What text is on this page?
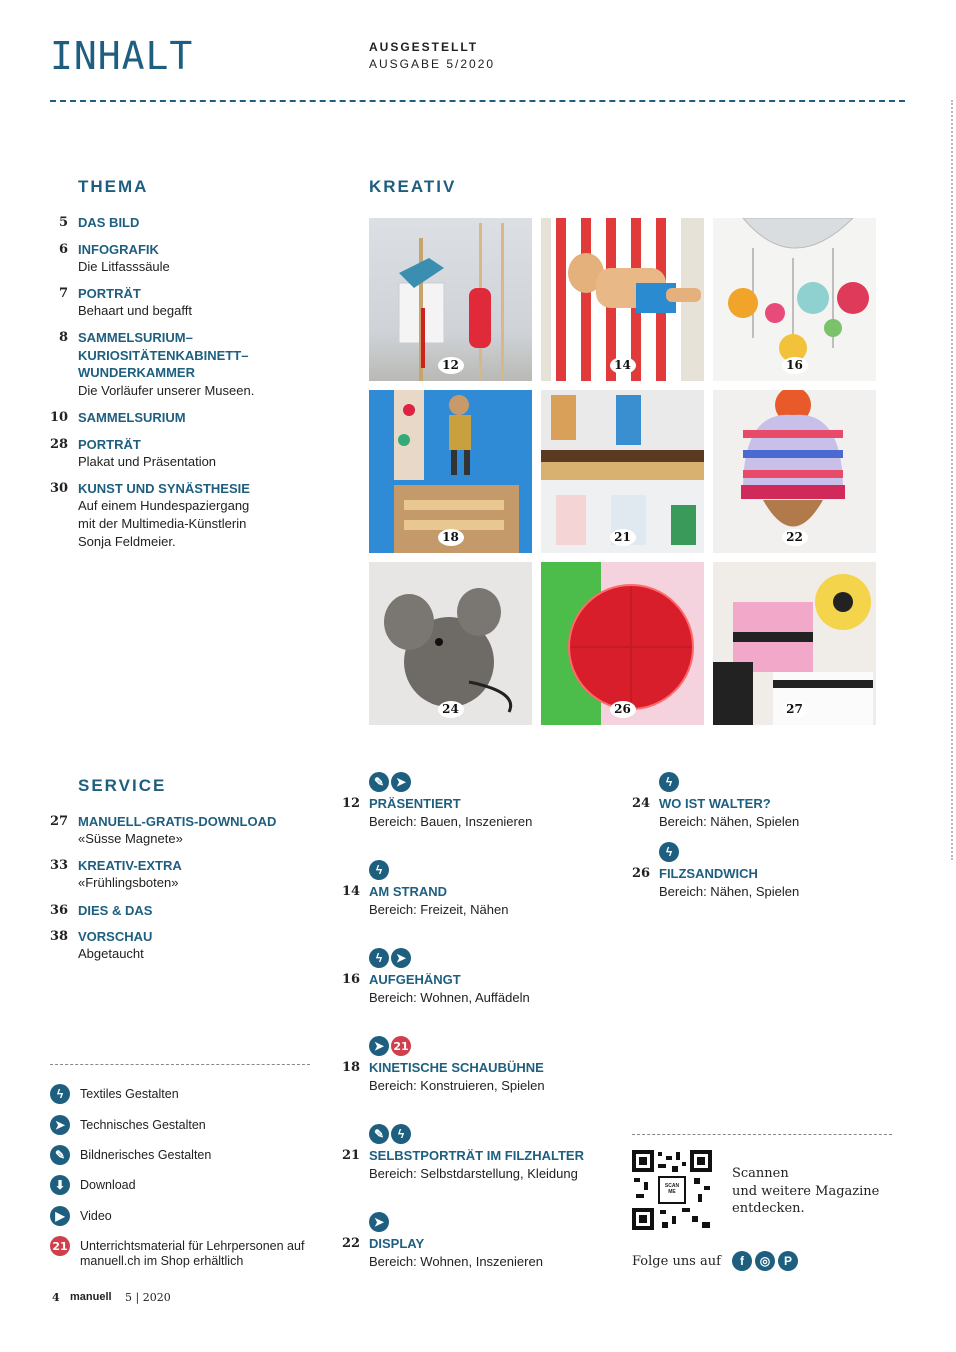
INHALT	AUSGESTELLT
AUSGABE 5/2020
THEMA
5 DAS BILD
6 INFOGRAFIK
Die Litfasssäule
7 PORTRÄT
Behaart und begafft
8 SAMMELSURIUM– KURIOSITÄTENKABINETT– WUNDERKAMMER
Die Vorläufer unserer Museen.
10 SAMMELSURIUM
28 PORTRÄT
Plakat und Präsentation
30 KUNST UND SYNÄSTHESIE
Auf einem Hundespaziergang mit der Multimedia-Künstlerin Sonja Feldmeier.
KREATIV
12	14	16
18	21	22
24	26	27
SERVICE
27 MANUELL-GRATIS-DOWNLOAD
«Süsse Magnete»
33 KREATIV-EXTRA
«Frühlingsboten»
36 DIES & DAS
38 VORSCHAU
Abgetaucht
✎ ➤
12 PRÄSENTIERT
Bereich: Bauen, Inszenieren
ϟ
14 AM STRAND
Bereich: Freizeit, Nähen
ϟ	➤
16 AUFGEHÄNGT
Bereich: Wohnen, Auffädeln
➤ 21
18 KINETISCHE SCHAUBÜHNE
Bereich: Konstruieren, Spielen
✎	ϟ
21 SELBSTPORTRÄT IM FILZHALTER
Bereich: Selbstdarstellung, Kleidung
➤
22 DISPLAY
Bereich: Wohnen, Inszenieren
ϟ
24 WO IST WALTER?
Bereich: Nähen, Spielen
ϟ
26 FILZSANDWICH
Bereich: Nähen, Spielen
ϟ	Textiles Gestalten
➤	Technisches Gestalten
✎	Bildnerisches Gestalten
⬇	Download
▶	Video
21 Unterrichtsmaterial für Lehrpersonen auf manuell.ch im Shop erhältlich
SCAN ME
Scannen
und weitere Magazine
entdecken.
Folge uns auf	f	◎	P
4 manuell 5 | 2020
